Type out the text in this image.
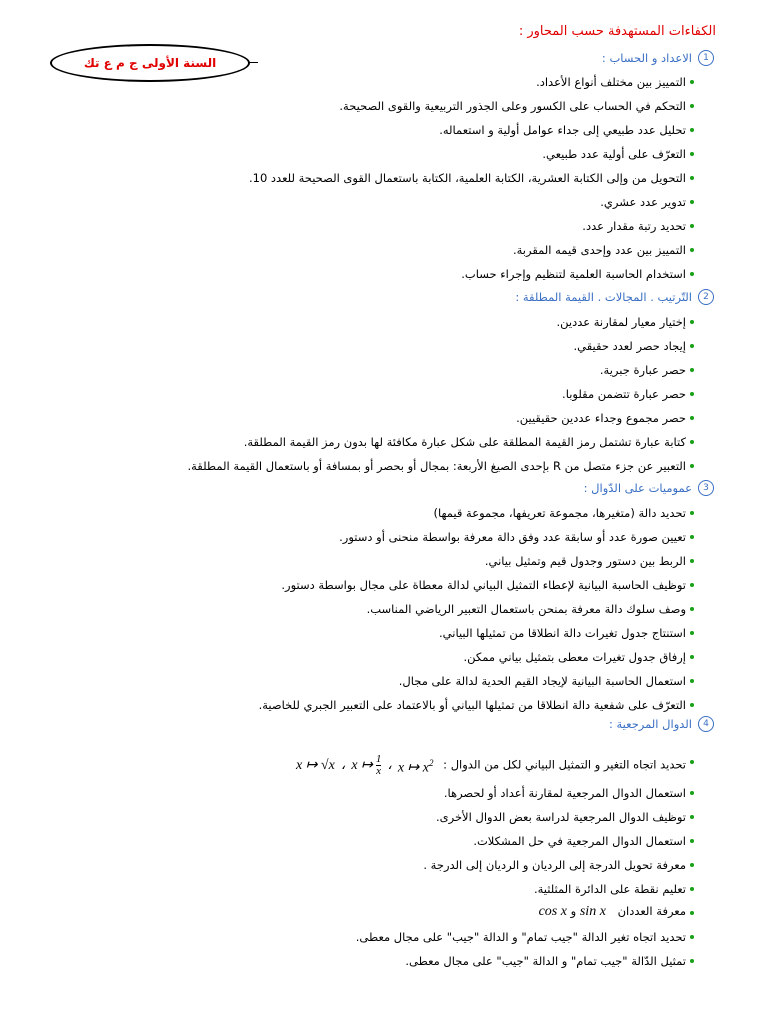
الكفاءات المستهدفة حسب المحاور :
السنة الأولى ج م ع تك	1
الاعداد و الحساب :
التمييز بين مختلف أنواع الأعداد.
التحكم في الحساب على الكسور وعلى الجذور التربيعية والقوى الصحيحة.
تحليل عدد طبيعي إلى جداء عوامل أولية و استعماله.
التعرّف على أولية عدد طبيعي.
التحويل من وإلى الكتابة العشرية، الكتابة العلمية، الكتابة باستعمال القوى الصحيحة للعدد 10.
تدوير عدد عشري.
تحديد رتبة مقدار عدد.
التمييز بين عدد وإحدى قيمه المقربة.
استخدام الحاسبة العلمية لتنظيم وإجراء حساب.
2
التّرتيب . المجالات . القيمة المطلقة :
إختيار معيار لمقارنة عددين.
إيجاد حصر لعدد حقيقي.
حصر عبارة جبرية.
حصر عبارة تتضمن مقلوبا.
حصر مجموع وجداء عددين حقيقيين.
كتابة عبارة تشتمل رمز القيمة المطلقة على شكل عبارة مكافئة لها بدون رمز القيمة المطلقة.
التعبير عن جزء متصل من R بإحدى الصيغ الأربعة: بمجال أو بحصر أو بمسافة أو باستعمال القيمة المطلقة.
3
عموميات على الدّوال :
تحديد دالة (متغيرها، مجموعة تعريفها، مجموعة قيمها)
تعيين صورة عدد أو سابقة عدد وفق دالة معرفة بواسطة منحنى أو دستور.
الربط بين دستور وجدول قيم وتمثيل بياني.
توظيف الحاسبة البيانية لإعطاء التمثيل البياني لدالة معطاة على مجال بواسطة دستور.
وصف سلوك دالة معرفة بمنحن باستعمال التعبير الرياضي المناسب.
استنتاج جدول تغيرات دالة انطلاقا من تمثيلها البياني.
إرفاق جدول تغيرات معطى بتمثيل بياني ممكن.
استعمال الحاسبة البيانية لإيجاد القيم الحدية لدالة على مجال.
التعرّف على شفعية دالة انطلاقا من تمثيلها البياني أو بالاعتماد على التعبير الجبري للخاصية.
4
الدوال المرجعية :
تحديد اتجاه التغير و التمثيل البياني لكل من الدوال :
x ↦ √x ، x ↦ $\frac{1}{x}$ ، x ↦ $x^2$
استعمال الدوال المرجعية لمقارنة أعداد أو لحصرها.
توظيف الدوال المرجعية لدراسة بعض الدوال الأخرى.
استعمال الدوال المرجعية في حل المشكلات.
معرفة تحويل الدرجة إلى الرديان و الرديان إلى الدرجة .
تعليم نقطة على الدائرة المثلثية.
معرفة العددان sin x و cos x
تحديد اتجاه تغير الدالة "جيب تمام" و الدالة "جيب" على مجال معطى.
تمثيل الدّالة "جيب تمام" و الدالة "جيب" على مجال معطى.
